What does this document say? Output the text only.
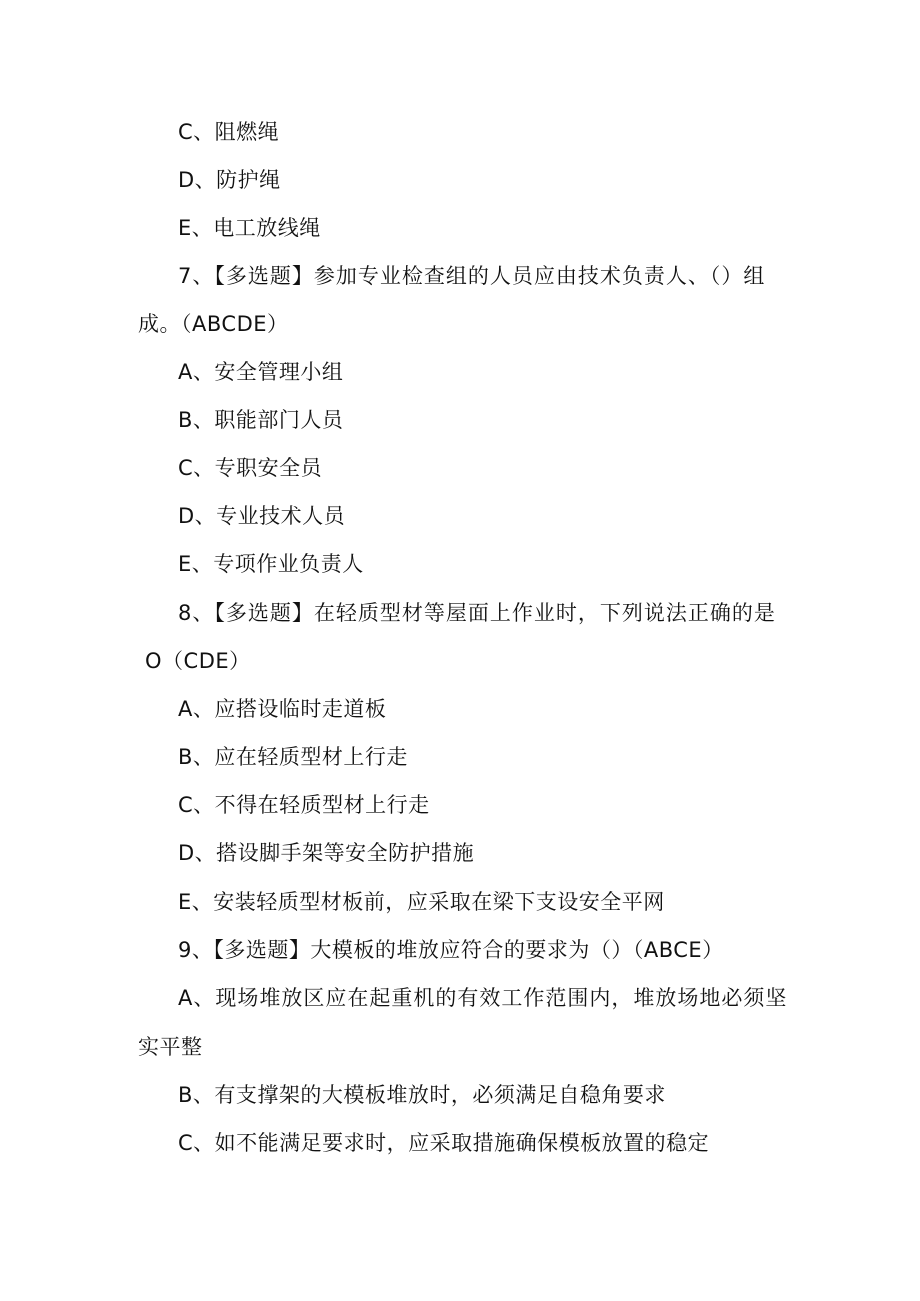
C、阻燃绳
D、防护绳
E、电工放线绳
7、【多选题】参加专业检查组的人员应由技术负责人、（）组
成。（ABCDE）
A、安全管理小组
B、职能部门人员
C、专职安全员
D、专业技术人员
E、专项作业负责人
8、【多选题】在轻质型材等屋面上作业时，下列说法正确的是
O（CDE）
A、应搭设临时走道板
B、应在轻质型材上行走
C、不得在轻质型材上行走
D、搭设脚手架等安全防护措施
E、安装轻质型材板前，应采取在梁下支设安全平网
9、【多选题】大模板的堆放应符合的要求为（）（ABCE）
A、现场堆放区应在起重机的有效工作范围内，堆放场地必须坚
实平整
B、有支撑架的大模板堆放时，必须满足自稳角要求
C、如不能满足要求时，应采取措施确保模板放置的稳定
